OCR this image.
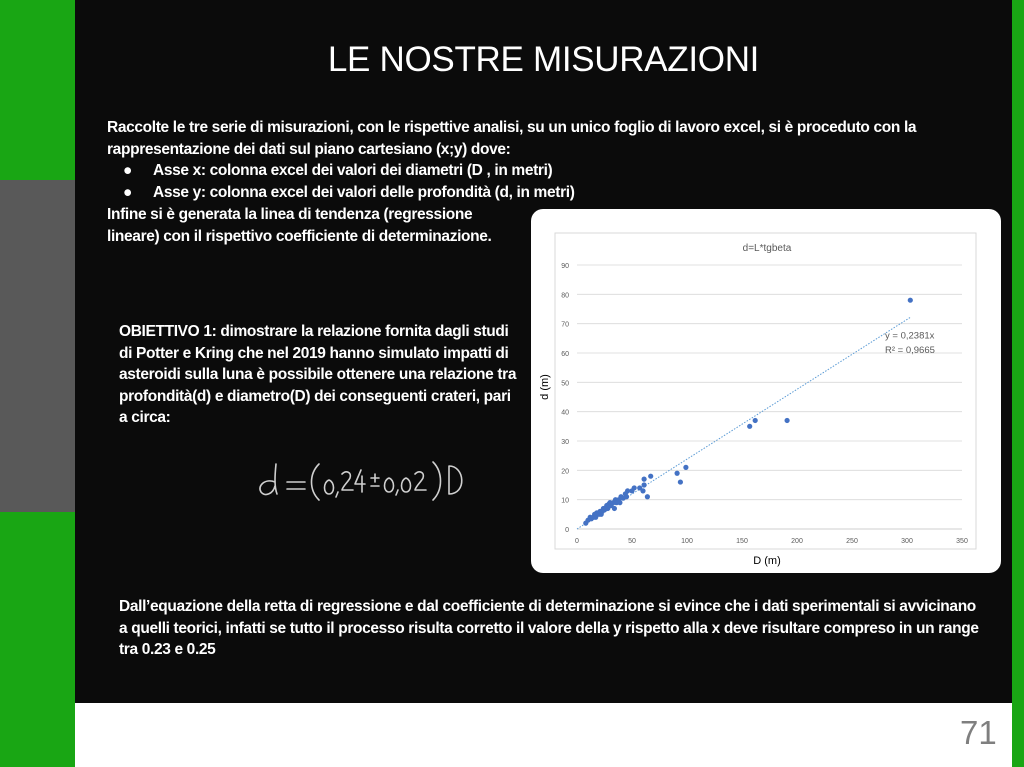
LE NOSTRE MISURAZIONI
Raccolte le tre serie di misurazioni, con le rispettive analisi, su un unico foglio di lavoro excel, si è proceduto con la rappresentazione dei dati sul piano cartesiano (x;y) dove:
● Asse x: colonna excel dei valori dei diametri (D , in metri)
● Asse y: colonna excel dei valori delle profondità (d, in metri)
Infine si è generata la linea di tendenza (regressione lineare) con il rispettivo coefficiente di determinazione.
OBIETTIVO 1: dimostrare la relazione fornita dagli studi di Potter e Kring che nel 2019 hanno simulato impatti di asteroidi sulla luna è possibile ottenere una relazione tra profondità(d) e diametro(D) dei conseguenti crateri, pari a circa:
Dall’equazione della retta di regressione e dal coefficiente di determinazione si evince che i dati sperimentali si avvicinano a quelli teorici, infatti se tutto il processo risulta corretto il valore della y rispetto alla x deve risultare compreso in un range tra 0.23 e 0.25
d=L*tgbeta
0
10
20
30
40
50
60
70
80
90
0	50	100	150	200	250	300	350
y = 0,2381x
R² = 0,9665
D (m)
d (m)
71
